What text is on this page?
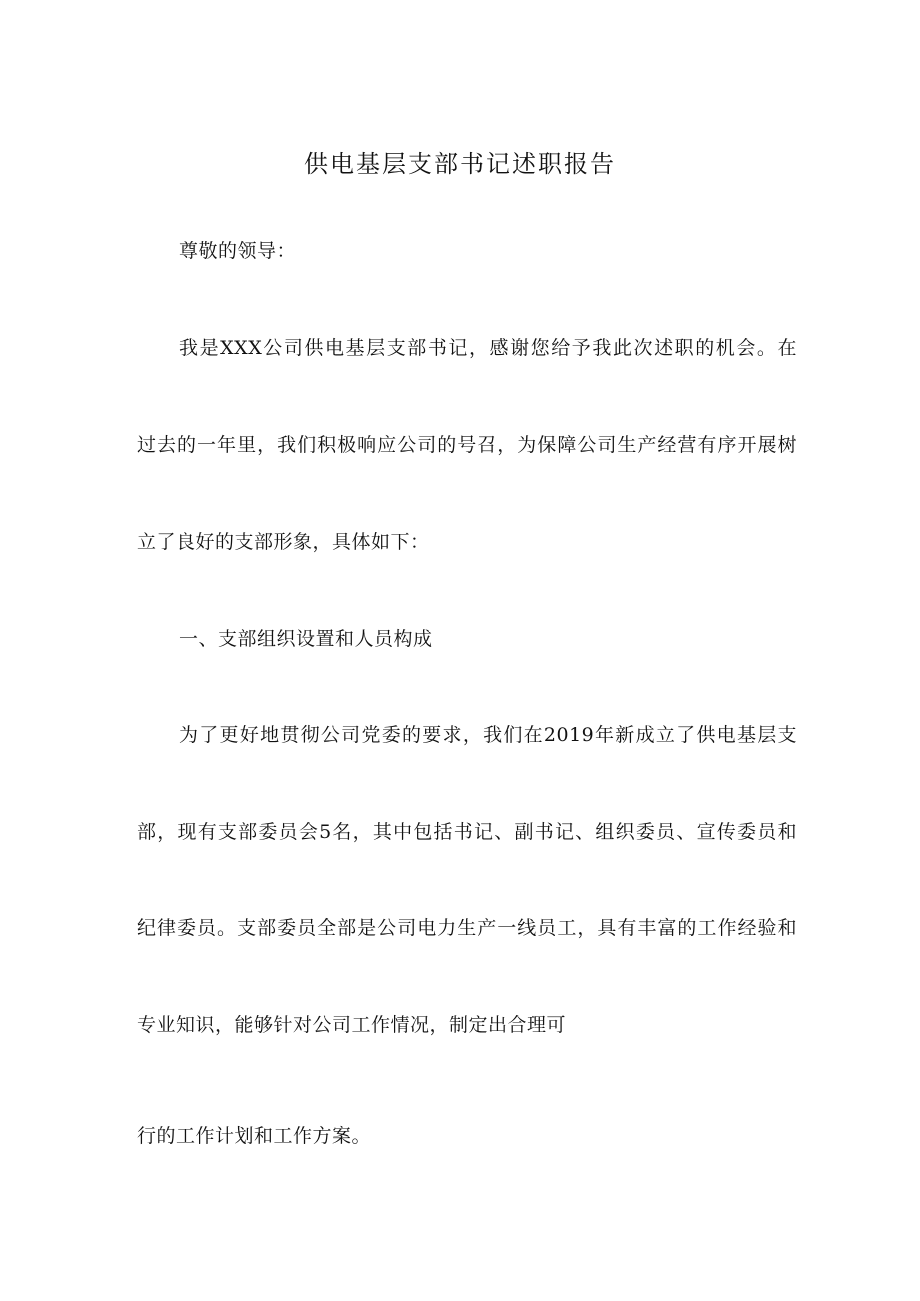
供电基层支部书记述职报告

尊敬的领导：

我是XXX公司供电基层支部书记，感谢您给予我此次述职的机会。在

过去的一年里，我们积极响应公司的号召，为保障公司生产经营有序开展树

立了良好的支部形象，具体如下：

一、支部组织设置和人员构成

为了更好地贯彻公司党委的要求，我们在2019年新成立了供电基层支

部，现有支部委员会5名，其中包括书记、副书记、组织委员、宣传委员和

纪律委员。支部委员全部是公司电力生产一线员工，具有丰富的工作经验和

专业知识，能够针对公司工作情况，制定出合理可

行的工作计划和工作方案。
